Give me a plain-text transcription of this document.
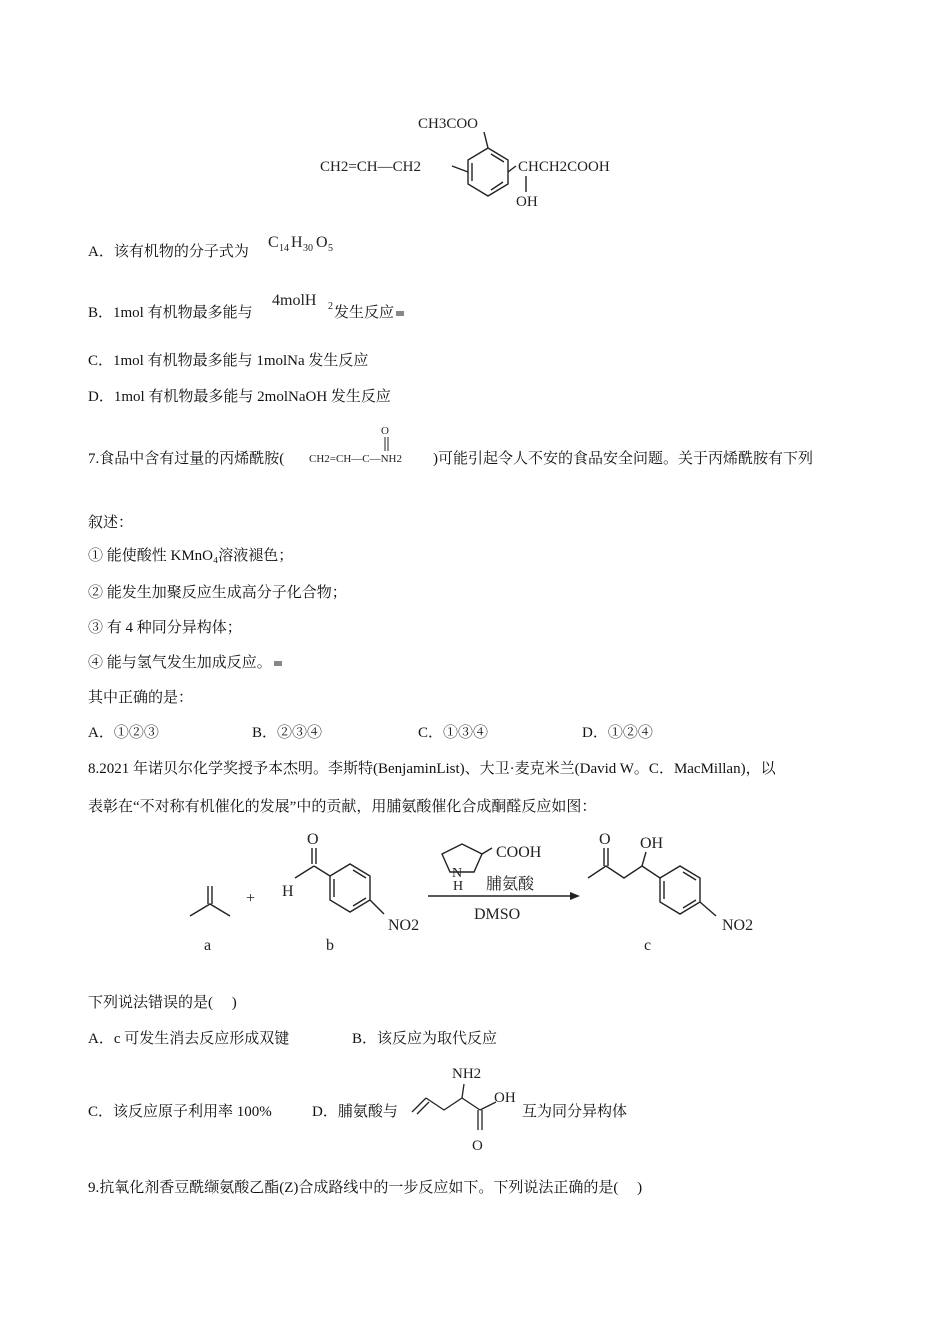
CH3COO
CH2=CH—CH2	CHCH2COOH
OH
A．该有机物的分子式为
C 14 H 30 O 5
B．1mol 有机物最多能与
4molH 2 发生反应
C．1mol 有机物最多能与 1molNa 发生反应
D．1mol 有机物最多能与 2molNaOH 发生反应
7.食品中含有过量的丙烯酰胺(
O
CH2=CH—C—NH2 )可能引起令人不安的食品安全问题。关于丙烯酰胺有下列
叙述：
① 能使酸性 KMnO₄溶液褪色；
② 能发生加聚反应生成高分子化合物；
③ 有 4 种同分异构体；
④ 能与氢气发生加成反应。
其中正确的是：
A．①②③	B．②③④	C．①③④	D．①②④
8.2021 年诺贝尔化学奖授予本杰明。李斯特(BenjaminList)、大卫·麦克米兰(David W。C．MacMillan)，以
表彰在“不对称有机催化的发展”中的贡献，用脯氨酸催化合成酮醛反应如图：
+
a
H
O
NO2
b
COOH
N
H 脯氨酸
DMSO
O OH
NO2
c
下列说法错误的是(　 )
A．c 可发生消去反应形成双键	B．该反应为取代反应
C．该反应原子利用率 100%	D．脯氨酸与
NH2
OH
O
互为同分异构体
9.抗氧化剂香豆酰缬氨酸乙酯(Z)合成路线中的一步反应如下。下列说法正确的是(　 )
